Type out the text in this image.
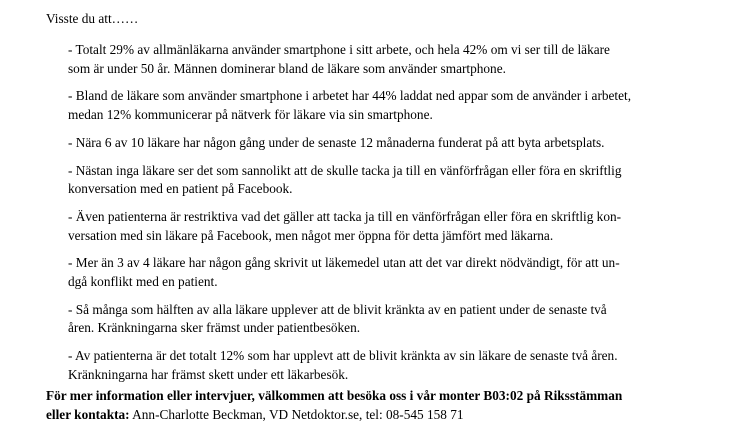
Visste du att……
- Totalt 29% av allmänläkarna använder smartphone i sitt arbete, och hela 42% om vi ser till de läkare
som är under 50 år. Männen dominerar bland de läkare som använder smartphone.
- Bland de läkare som använder smartphone i arbetet har 44% laddat ned appar som de använder i arbetet,
medan 12% kommunicerar på nätverk för läkare via sin smartphone.
- Nära 6 av 10 läkare har någon gång under de senaste 12 månaderna funderat på att byta arbetsplats.
- Nästan inga läkare ser det som sannolikt att de skulle tacka ja till en vänförfrågan eller föra en skriftlig
konversation med en patient på Facebook.
- Även patienterna är restriktiva vad det gäller att tacka ja till en vänförfrågan eller föra en skriftlig kon-
versation med sin läkare på Facebook, men något mer öppna för detta jämfört med läkarna.
- Mer än 3 av 4 läkare har någon gång skrivit ut läkemedel utan att det var direkt nödvändigt, för att un-
dgå konflikt med en patient.
- Så många som hälften av alla läkare upplever att de blivit kränkta av en patient under de senaste två
åren. Kränkningarna sker främst under patientbesöken.
- Av patienterna är det totalt 12% som har upplevt att de blivit kränkta av sin läkare de senaste två åren.
Kränkningarna har främst skett under ett läkarbesök.
För mer information eller intervjuer, välkommen att besöka oss i vår monter B03:02 på Riksstämman
eller kontakta: Ann-Charlotte Beckman, VD Netdoktor.se, tel: 08-545 158 71
